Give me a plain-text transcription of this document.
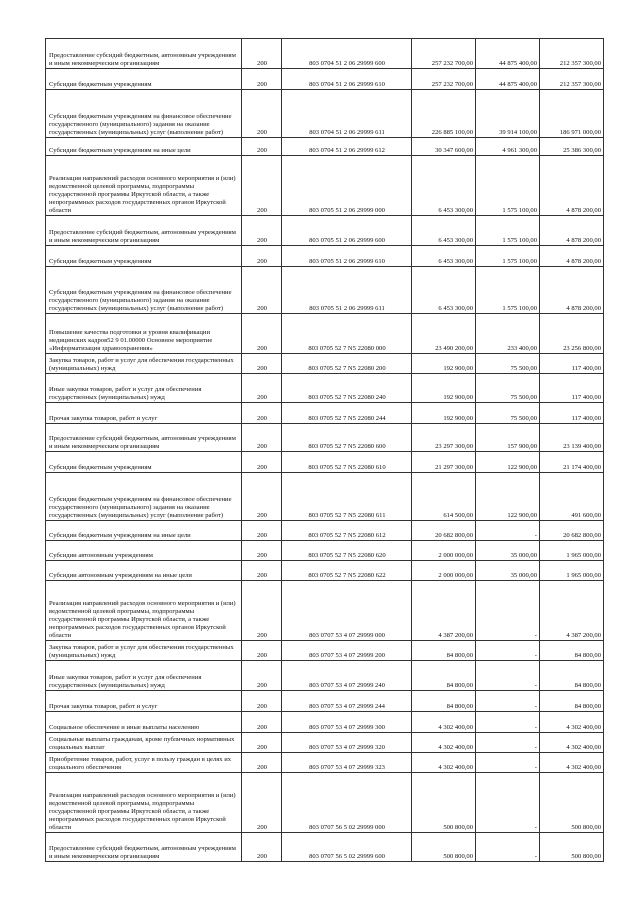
Предоставление субсидий бюджетным, автономным учреждениям и иным некоммерческим организациям	200	803 0704 51 2 06 29999 600	257 232 700,00	44 875 400,00	212 357 300,00
Субсидии бюджетным учреждениям	200	803 0704 51 2 06 29999 610	257 232 700,00	44 875 400,00	212 357 300,00
Субсидии бюджетным учреждениям на финансовое обеспечение государственного (муниципального) задания на оказание государственных (муниципальных) услуг (выполнение работ)	200	803 0704 51 2 06 29999 611	226 885 100,00	39 914 100,00	186 971 000,00
Субсидии бюджетным учреждениям на иные цели	200	803 0704 51 2 06 29999 612	30 347 600,00	4 961 300,00	25 386 300,00
Реализация направлений расходов основного мероприятия и (или) ведомственной целевой программы, подпрограммы государственной программы Иркутской области, а также непрограммных расходов государственных органов Иркутской области	200	803 0705 51 2 06 29999 000	6 453 300,00	1 575 100,00	4 878 200,00
Предоставление субсидий бюджетным, автономным учреждениям и иным некоммерческим организациям	200	803 0705 51 2 06 29999 600	6 453 300,00	1 575 100,00	4 878 200,00
Субсидии бюджетным учреждениям	200	803 0705 51 2 06 29999 610	6 453 300,00	1 575 100,00	4 878 200,00
Субсидии бюджетным учреждениям на финансовое обеспечение государственного (муниципального) задания на оказание государственных (муниципальных) услуг (выполнение работ)	200	803 0705 51 2 06 29999 611	6 453 300,00	1 575 100,00	4 878 200,00
Повышение качества подготовки и уровня квалификации медицинских кадров52 9 01.00000 Основное мероприятие «Информатизация здравоохранения»	200	803 0705 52 7 N5 22080 000	23 490 200,00	233 400,00	23 256 800,00
Закупка товаров, работ и услуг для обеспечения государственных (муниципальных) нужд	200	803 0705 52 7 N5 22080 200	192 900,00	75 500,00	117 400,00
Иные закупки товаров, работ и услуг для обеспечения государственных (муниципальных) нужд	200	803 0705 52 7 N5 22080 240	192 900,00	75 500,00	117 400,00
Прочая закупка товаров, работ и услуг	200	803 0705 52 7 N5 22080 244	192 900,00	75 500,00	117 400,00
Предоставление субсидий бюджетным, автономным учреждениям и иным некоммерческим организациям	200	803 0705 52 7 N5 22080 600	23 297 300,00	157 900,00	23 139 400,00
Субсидии бюджетным учреждениям	200	803 0705 52 7 N5 22080 610	21 297 300,00	122 900,00	21 174 400,00
Субсидии бюджетным учреждениям на финансовое обеспечение государственного (муниципального) задания на оказание государственных (муниципальных) услуг (выполнение работ)	200	803 0705 52 7 N5 22080 611	614 500,00	122 900,00	491 600,00
Субсидии бюджетным учреждениям на иные цели	200	803 0705 52 7 N5 22080 612	20 682 800,00	-	20 682 800,00
Субсидии автономным учреждениям	200	803 0705 52 7 N5 22080 620	2 000 000,00	35 000,00	1 965 000,00
Субсидии автономным учреждениям на иные цели	200	803 0705 52 7 N5 22080 622	2 000 000,00	35 000,00	1 965 000,00
Реализация направлений расходов основного мероприятия и (или) ведомственной целевой программы, подпрограммы государственной программы Иркутской области, а также непрограммных расходов государственных органов Иркутской области	200	803 0707 53 4 07 29999 000	4 387 200,00	-	4 387 200,00
Закупка товаров, работ и услуг для обеспечения государственных (муниципальных) нужд	200	803 0707 53 4 07 29999 200	84 800,00	-	84 800,00
Иные закупки товаров, работ и услуг для обеспечения государственных (муниципальных) нужд	200	803 0707 53 4 07 29999 240	84 800,00	-	84 800,00
Прочая закупка товаров, работ и услуг	200	803 0707 53 4 07 29999 244	84 800,00	-	84 800,00
Социальное обеспечение и иные выплаты населению	200	803 0707 53 4 07 29999 300	4 302 400,00	-	4 302 400,00
Социальные выплаты гражданам, кроме публичных нормативных социальных выплат	200	803 0707 53 4 07 29999 320	4 302 400,00	-	4 302 400,00
Приобретение товаров, работ, услуг в пользу граждан в целях их социального обеспечения	200	803 0707 53 4 07 29999 323	4 302 400,00	-	4 302 400,00
Реализация направлений расходов основного мероприятия и (или) ведомственной целевой программы, подпрограммы государственной программы Иркутской области, а также непрограммных расходов государственных органов Иркутской области	200	803 0707 56 5 02 29999 000	500 800,00	-	500 800,00
Предоставление субсидий бюджетным, автономным учреждениям и иным некоммерческим организациям	200	803 0707 56 5 02 29999 600	500 800,00	-	500 800,00
